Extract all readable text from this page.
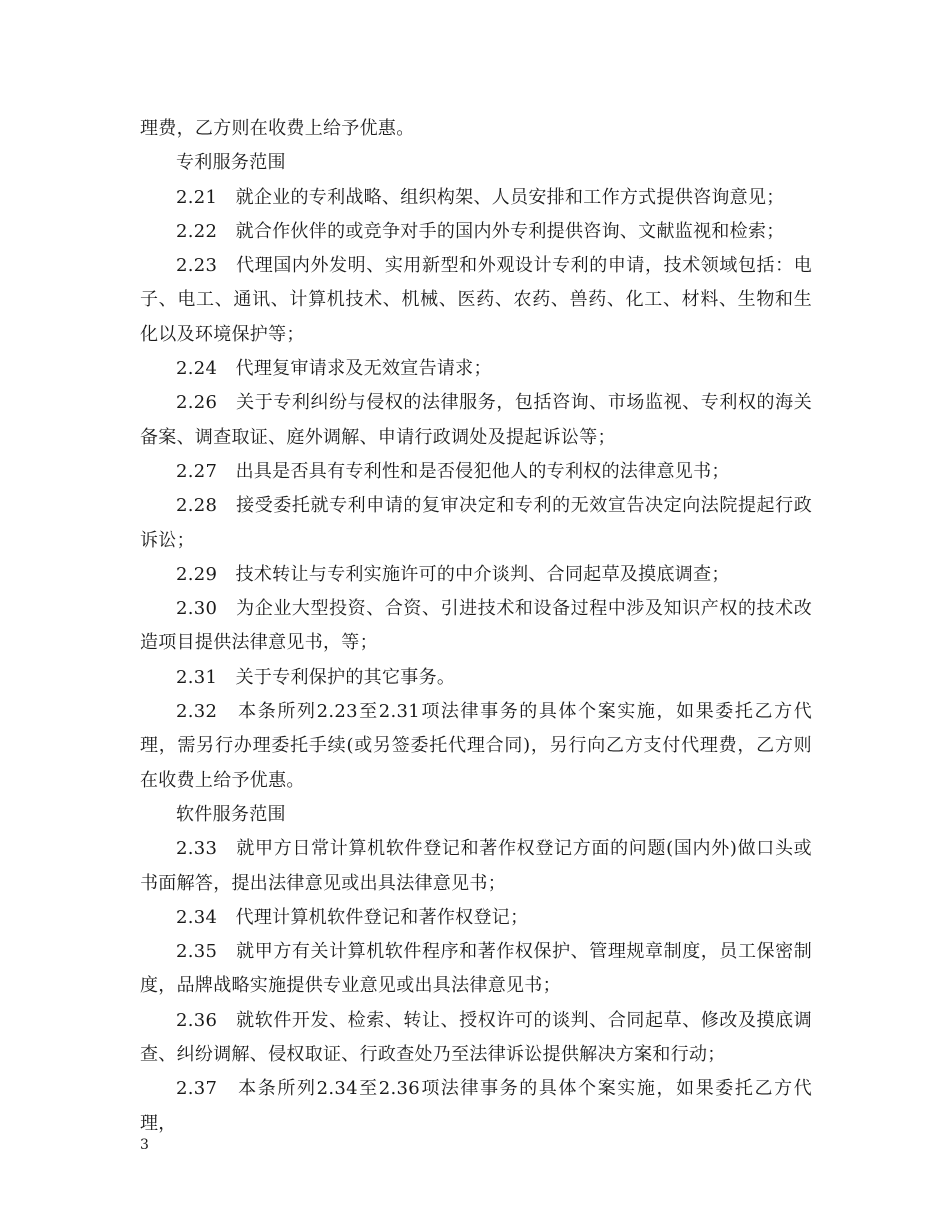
理费，乙方则在收费上给予优惠。

专利服务范围

2.21　就企业的专利战略、组织构架、人员安排和工作方式提供咨询意见；

2.22　就合作伙伴的或竞争对手的国内外专利提供咨询、文献监视和检索；

2.23　代理国内外发明、实用新型和外观设计专利的申请，技术领域包括：电子、电工、通讯、计算机技术、机械、医药、农药、兽药、化工、材料、生物和生化以及环境保护等；

2.24　代理复审请求及无效宣告请求；

2.26　关于专利纠纷与侵权的法律服务，包括咨询、市场监视、专利权的海关备案、调查取证、庭外调解、申请行政调处及提起诉讼等；

2.27　出具是否具有专利性和是否侵犯他人的专利权的法律意见书；

2.28　接受委托就专利申请的复审决定和专利的无效宣告决定向法院提起行政诉讼；

2.29　技术转让与专利实施许可的中介谈判、合同起草及摸底调查；

2.30　为企业大型投资、合资、引进技术和设备过程中涉及知识产权的技术改造项目提供法律意见书，等；

2.31　关于专利保护的其它事务。

2.32　本条所列2.23至2.31项法律事务的具体个案实施，如果委托乙方代理，需另行办理委托手续(或另签委托代理合同)，另行向乙方支付代理费，乙方则在收费上给予优惠。

软件服务范围

2.33　就甲方日常计算机软件登记和著作权登记方面的问题(国内外)做口头或书面解答，提出法律意见或出具法律意见书；

2.34　代理计算机软件登记和著作权登记；

2.35　就甲方有关计算机软件程序和著作权保护、管理规章制度，员工保密制度，品牌战略实施提供专业意见或出具法律意见书；

2.36　就软件开发、检索、转让、授权许可的谈判、合同起草、修改及摸底调查、纠纷调解、侵权取证、行政查处乃至法律诉讼提供解决方案和行动；

2.37　本条所列2.34至2.36项法律事务的具体个案实施，如果委托乙方代理，

3
